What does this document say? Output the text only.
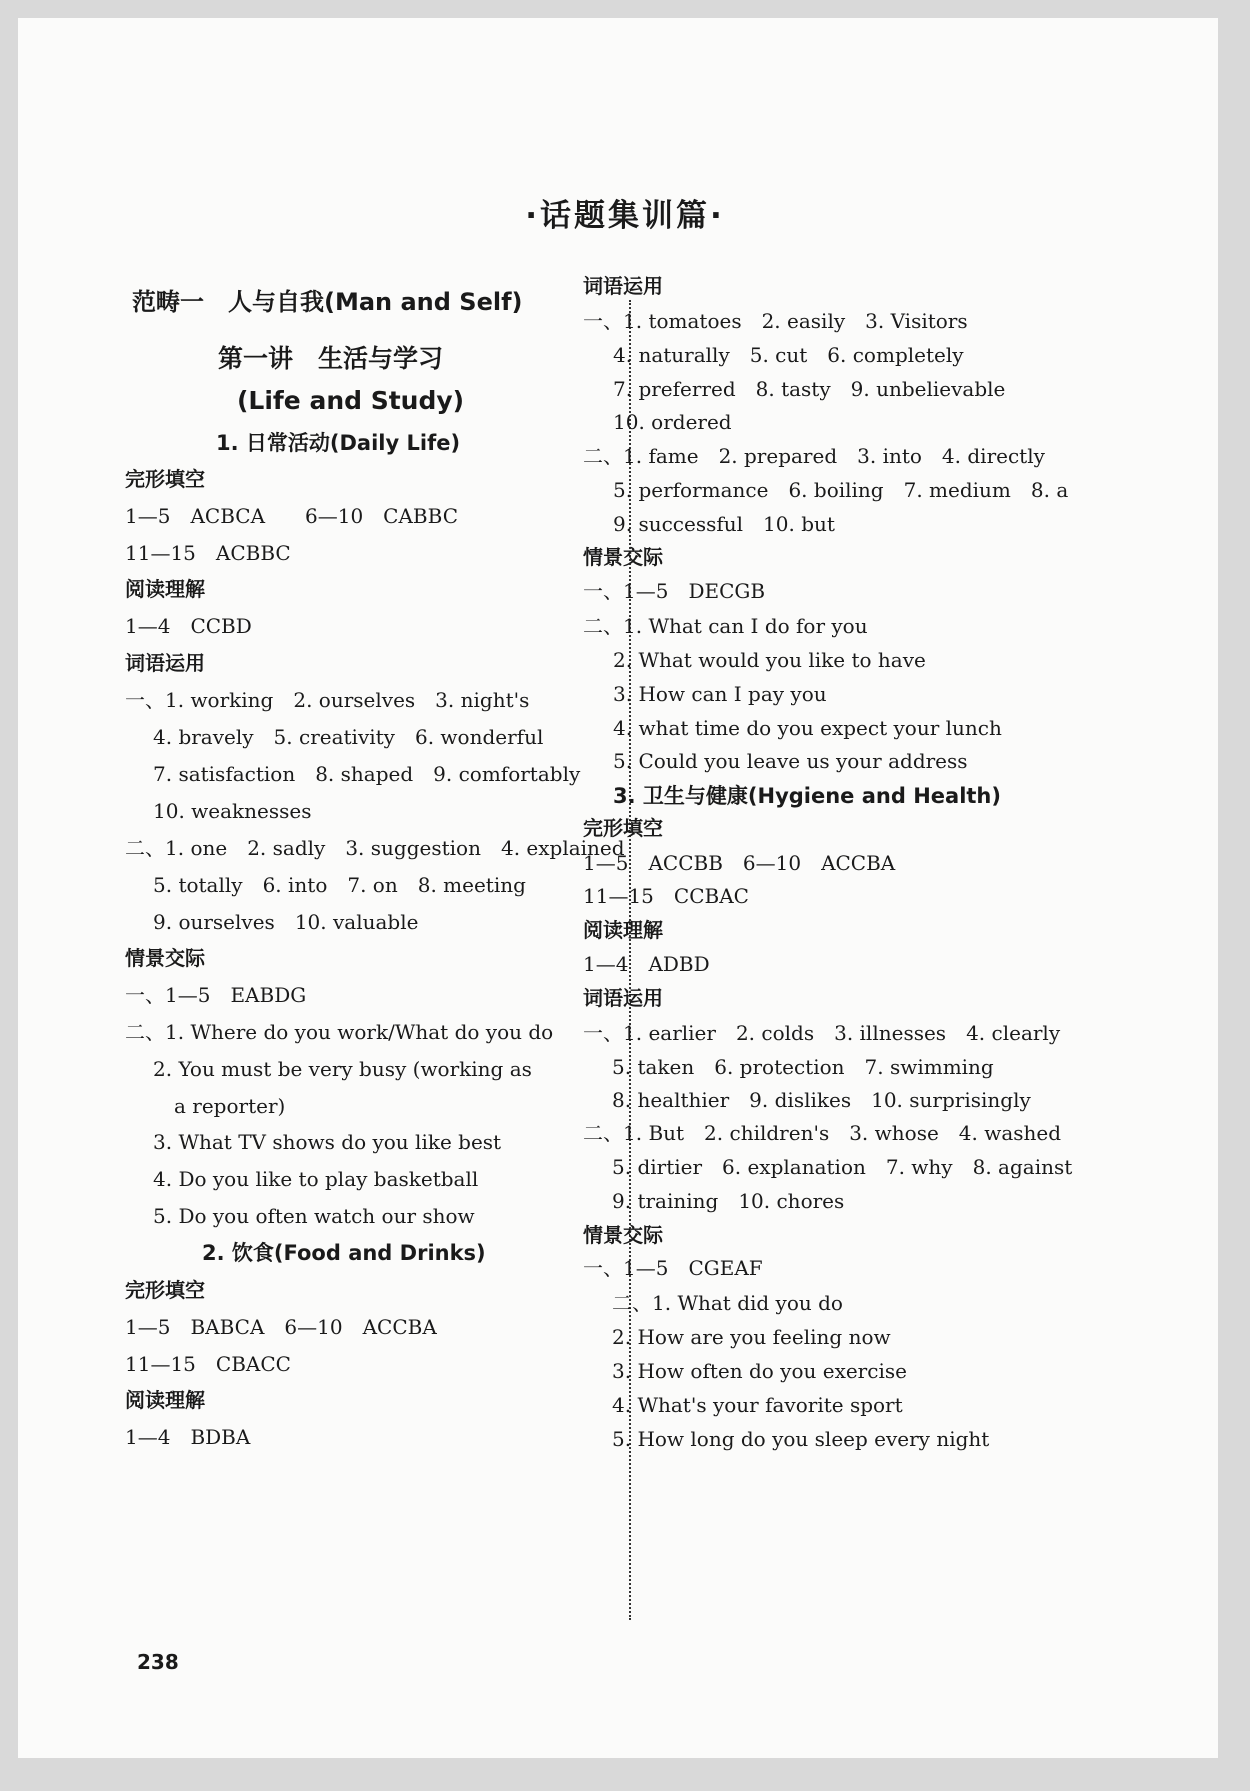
·话题集训篇·
范畴一　人与自我(Man and Self)
第一讲　生活与学习
(Life and Study)
1. 日常活动(Daily Life)
完形填空
1—5　ACBCA　　6—10　CABBC
11—15　ACBBC
阅读理解
1—4　CCBD
词语运用
一、1. working　2. ourselves　3. night's
4. bravely　5. creativity　6. wonderful
7. satisfaction　8. shaped　9. comfortably
10. weaknesses
二、1. one　2. sadly　3. suggestion　4. explained
5. totally　6. into　7. on　8. meeting
9. ourselves　10. valuable
情景交际
一、1—5　EABDG
二、1. Where do you work/What do you do
2. You must be very busy (working as
a reporter)
3. What TV shows do you like best
4. Do you like to play basketball
5. Do you often watch our show
2. 饮食(Food and Drinks)
完形填空
1—5　BABCA　6—10　ACCBA
11—15　CBACC
阅读理解
1—4　BDBA
词语运用
一、1. tomatoes　2. easily　3. Visitors
4. naturally　5. cut　6. completely
7. preferred　8. tasty　9. unbelievable
10. ordered
二、1. fame　2. prepared　3. into　4. directly
5. performance　6. boiling　7. medium　8. a
9. successful　10. but
情景交际
一、1—5　DECGB
二、1. What can I do for you
2. What would you like to have
3. How can I pay you
4. what time do you expect your lunch
5. Could you leave us your address
3. 卫生与健康(Hygiene and Health)
完形填空
1—5　ACCBB　6—10　ACCBA
11—15　CCBAC
阅读理解
1—4　ADBD
词语运用
一、1. earlier　2. colds　3. illnesses　4. clearly
5. taken　6. protection　7. swimming
8. healthier　9. dislikes　10. surprisingly
二、1. But　2. children's　3. whose　4. washed
5. dirtier　6. explanation　7. why　8. against
9. training　10. chores
情景交际
一、1—5　CGEAF
二、1. What did you do
2. How are you feeling now
3. How often do you exercise
4. What's your favorite sport
5. How long do you sleep every night
238
